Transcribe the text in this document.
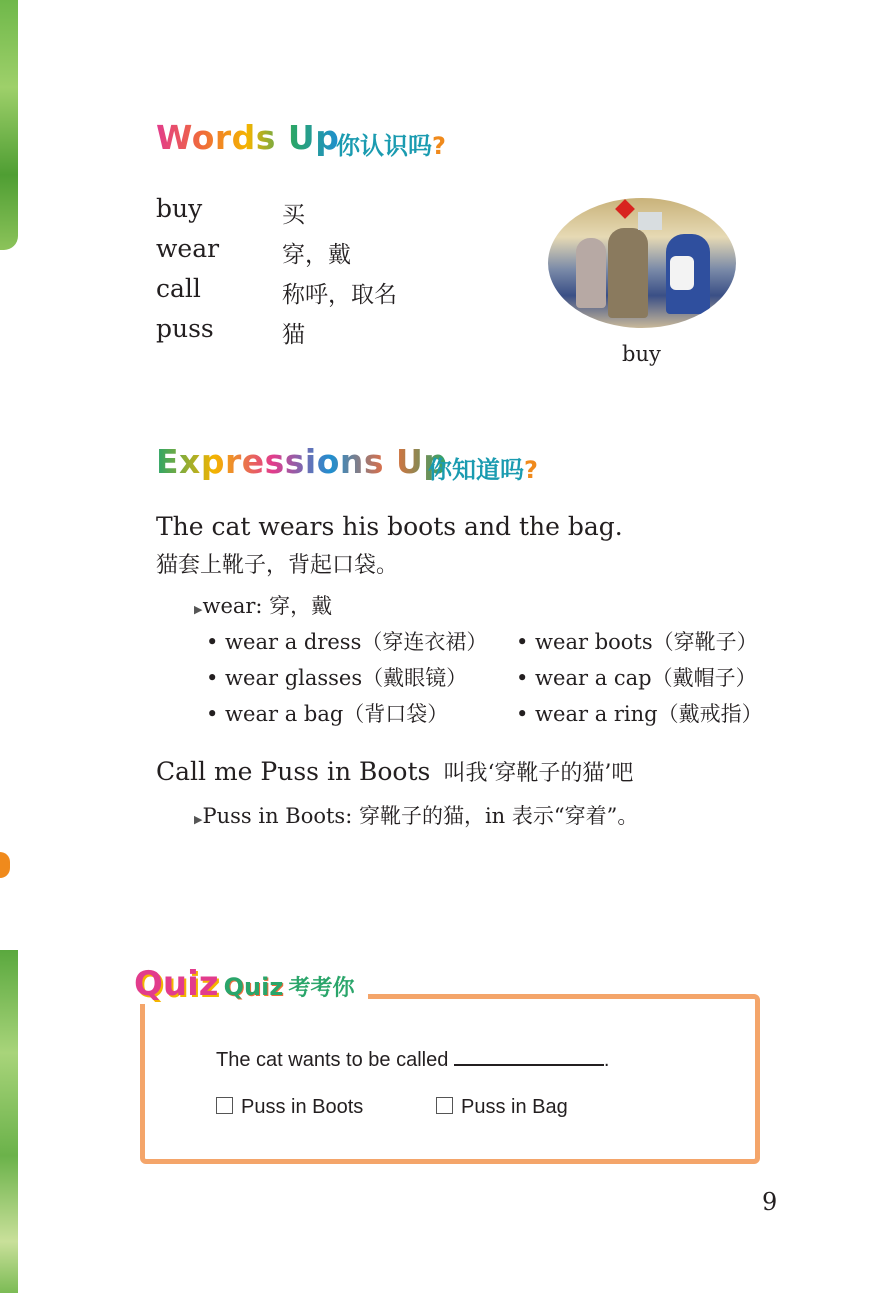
Words Up
你认识吗?
buy	买
wear	穿，戴
call	称呼，取名
puss	猫
buy
Expressions Up
你知道吗?
The cat wears his boots and the bag.
猫套上靴子，背起口袋。
▶wear: 穿，戴
• wear a dress（穿连衣裙） • wear boots（穿靴子）
• wear glasses（戴眼镜） • wear a cap（戴帽子）
• wear a bag（背口袋）	• wear a ring（戴戒指）
Call me Puss in Boots 叫我‘穿靴子的猫’吧
▶Puss in Boots: 穿靴子的猫，in 表示“穿着”。
Quiz Quiz 考考你
The cat wants to be called	.
Puss in Boots	Puss in Bag
9
